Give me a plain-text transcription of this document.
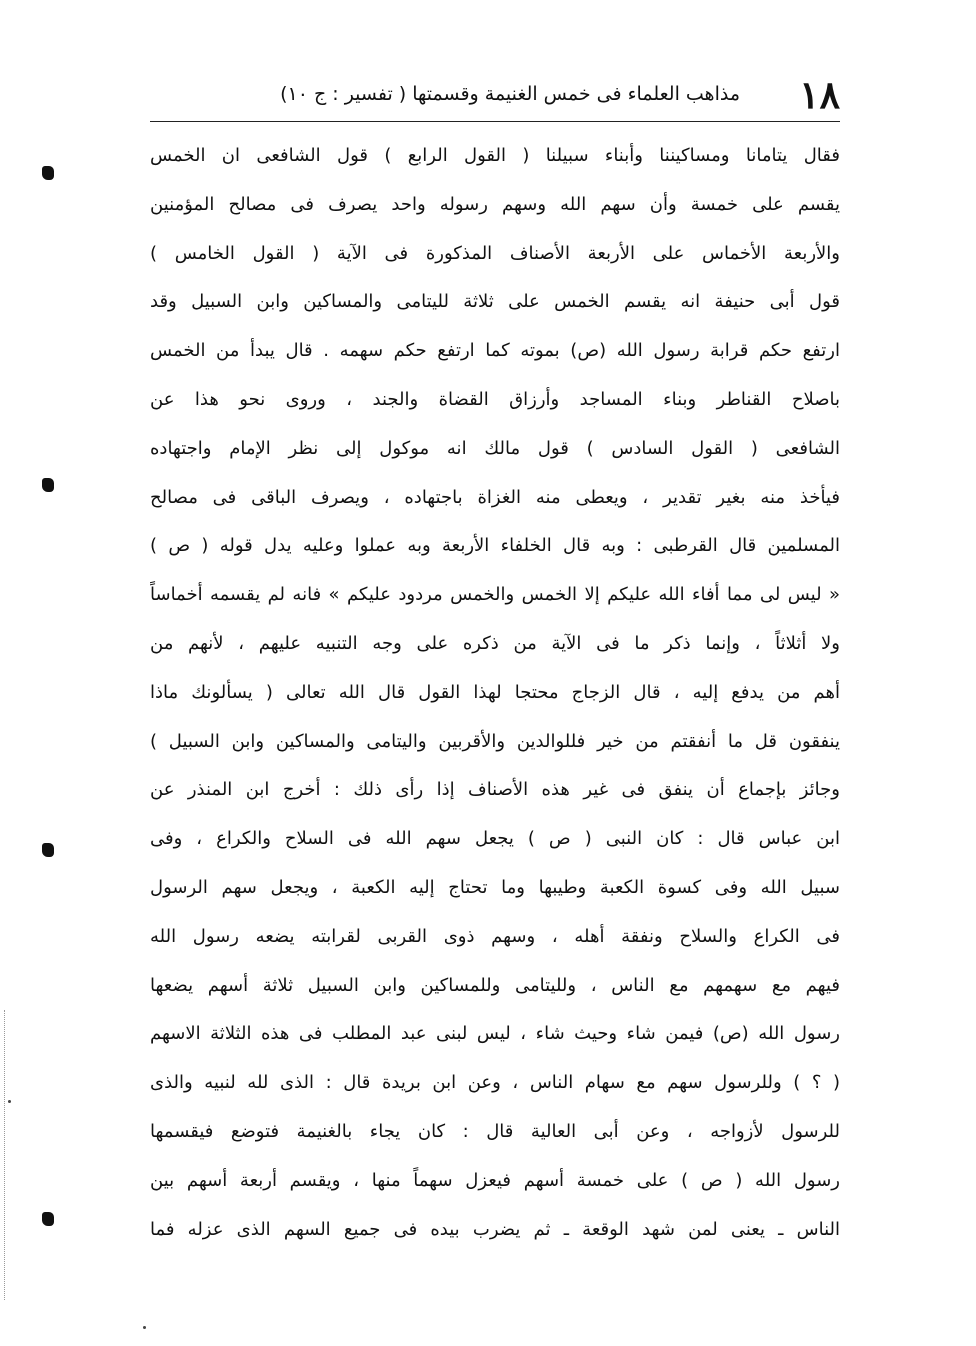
١٨
مذاهب العلماء فى خمس الغنيمة وقسمتها ( تفسير : ج ١٠)
فقال يتامانا ومساكيننا وأبناء سبيلنا ( القول الرابع ) قول الشافعى ان الخمس
يقسم على خمسة وأن سهم الله وسهم رسوله واحد يصرف فى مصالح المؤمنين
والأربعة الأخماس على الأربعة الأصناف المذكورة فى الآية ( القول الخامس )
قول أبى حنيفة انه يقسم الخمس على ثلاثة لليتامى والمساكين وابن السبيل وقد
ارتفع حكم قرابة رسول الله (ص) بموته كما ارتفع حكم سهمه . قال يبدأ من الخمس
باصلاح القناطر وبناء المساجد وأرزاق القضاة والجند ، وروى نحو هذا عن
الشافعى ( القول السادس ) قول مالك انه موكول إلى نظر الإمام واجتهاده
فيأخذ منه بغير تقدير ، ويعطى منه الغزاة باجتهاده ، ويصرف الباقى فى مصالح
المسلمين قال القرطبى : وبه قال الخلفاء الأربعة وبه عملوا وعليه يدل قوله ( ص )
« ليس لى مما أفاء الله عليكم إلا الخمس والخمس مردود عليكم » فانه لم يقسمه أخماساً
ولا أثلاثاً ، وإنما ذكر ما فى الآية من ذكره على وجه التنبيه عليهم ، لأنهم من
أهم من يدفع إليه ، قال الزجاج محتجا لهذا القول قال الله تعالى ( يسألونك ماذا
ينفقون قل ما أنفقتم من خير فللوالدين والأقربين واليتامى والمساكين وابن السبيل )
وجائز بإجماع أن ينفق فى غير هذه الأصناف إذا رأى ذلك : أخرج ابن المنذر عن
ابن عباس قال : كان النبى ( ص ) يجعل سهم الله فى السلاح والكراع ، وفى
سبيل الله وفى كسوة الكعبة وطيبها وما تحتاج إليه الكعبة ، ويجعل سهم الرسول
فى الكراع والسلاح ونفقة أهله ، وسهم ذوى القربى لقرابته يضعه رسول الله
فيهم مع سهمهم مع الناس ، ولليتامى وللمساكين وابن السبيل ثلاثة أسهم يضعها
رسول الله (ص) فيمن شاء وحيث شاء ، ليس لبنى عبد المطلب فى هذه الثلاثة الاسهم
( ؟ ) وللرسول سهم مع سهام الناس ، وعن ابن بريدة قال : الذى لله لنبيه والذى
للرسول لأزواجه ، وعن أبى العالية قال : كان يجاء بالغنيمة فتوضع فيقسمها
رسول الله ( ص ) على خمسة أسهم فيعزل سهماً منها ، ويقسم أربعة أسهم بين
الناس ـ يعنى لمن شهد الوقعة ـ ثم يضرب بيده فى جميع السهم الذى عزله فما
